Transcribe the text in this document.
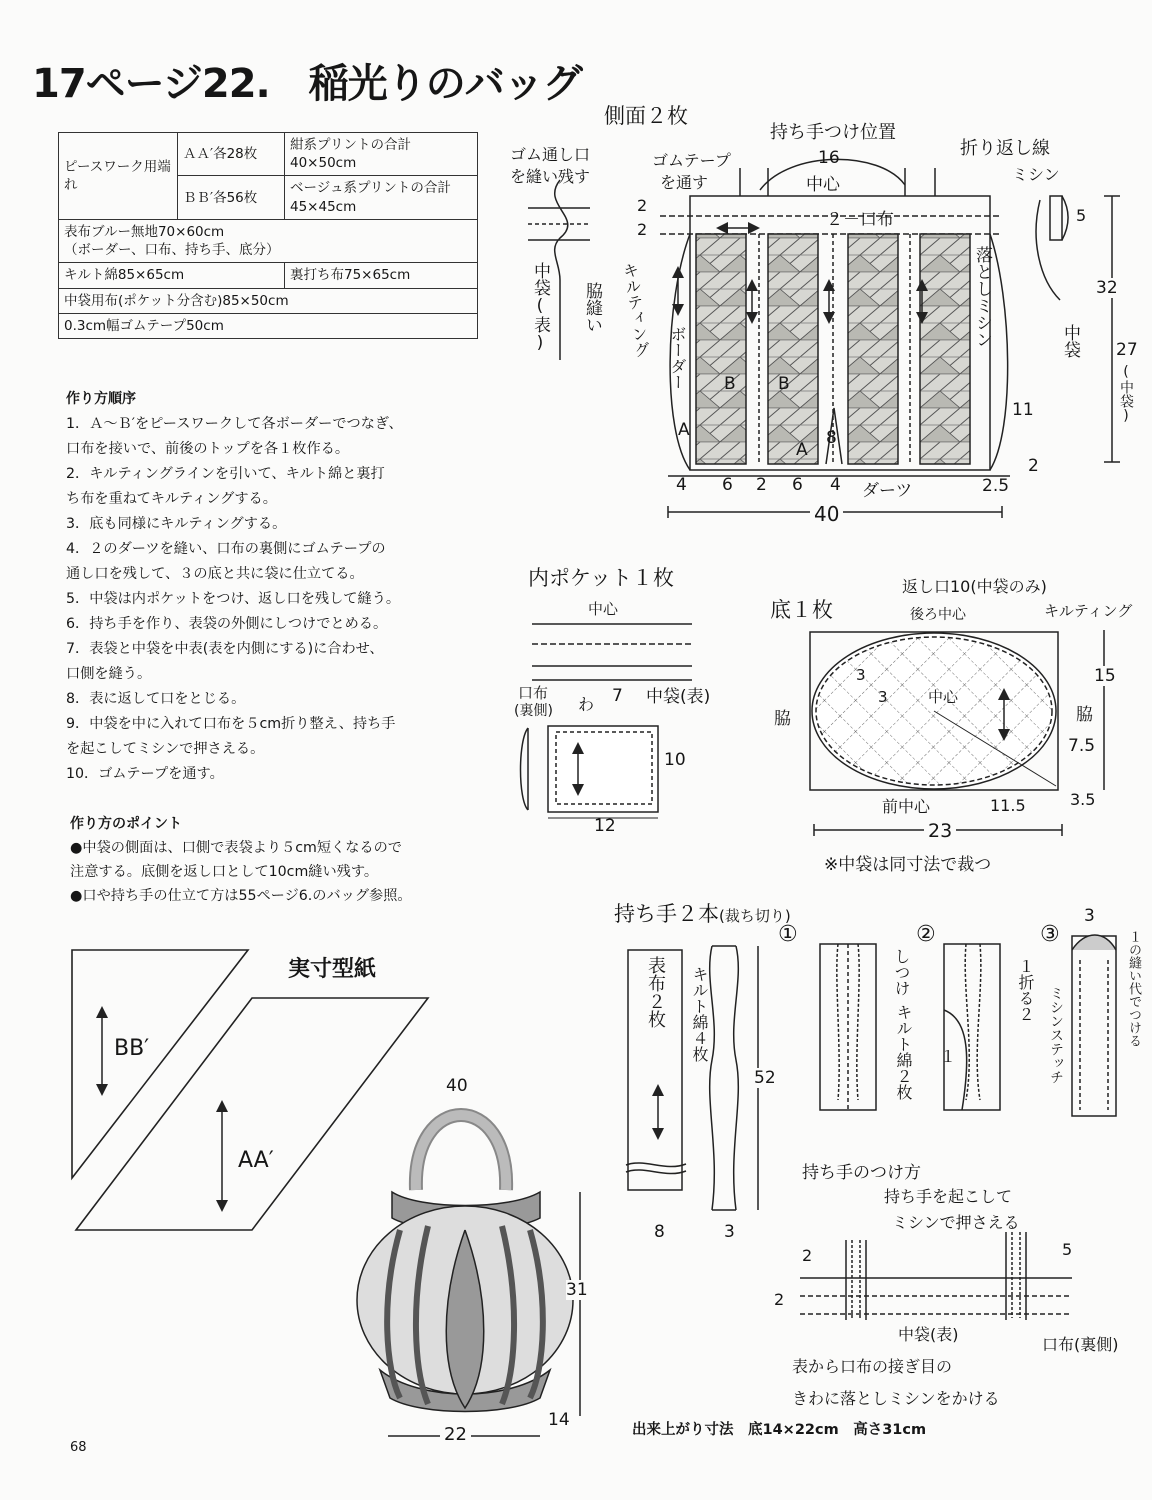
17ページ22.　稲光りのバッグ
ピースワーク用端れ	ＡＡ′各28枚	紺系プリントの合計40×50cm
	ＢＢ′各56枚	ベージュ系プリントの合計45×45cm

表布ブルー無地70×60cm
（ボーダー、口布、持ち手、底分）		

キルト綿85×65cm		裏打ち布75×65cm
中袋用布(ポケット分含む)85×50cm		
0.3cm幅ゴムテープ50cm		
作り方順序
1．Ａ～Ｂ′をピースワークして各ボーダーでつなぎ、
口布を接いで、前後のトップを各１枚作る。
2．キルティングラインを引いて、キルト綿と裏打
ち布を重ねてキルティングする。
3．底も同様にキルティングする。
4．２のダーツを縫い、口布の裏側にゴムテープの
通し口を残して、３の底と共に袋に仕立てる。
5．中袋は内ポケットをつけ、返し口を残して縫う。
6．持ち手を作り、表袋の外側にしつけでとめる。
7．表袋と中袋を中表(表を内側にする)に合わせ、
口側を縫う。
8．表に返して口をとじる。
9．中袋を中に入れて口布を５cm折り整え、持ち手
を起こしてミシンで押さえる。
10．ゴムテープを通す。
作り方のポイント
●中袋の側面は、口側で表袋より５cm短くなるので
注意する。底側を返し口として10cm縫い残す。
●口や持ち手の仕立て方は55ページ6.のバッグ参照。
側面２枚
持ち手つけ位置
折り返し線
ミシン
ゴム通し口
を縫い残す
ゴムテープ
を通す
16
中心
２－口布
2
2
中袋(表) 脇縫い キルティング ボーダー
落としミシン
B B
A
A
8
ダーツ
4 6 2 6 4	2.5
2
11
40
32
27
(中袋)
5
中袋
内ポケット１枚
中心
口布
(裏側) わ 7 中袋(表)
10
12
底１枚
返し口10(中袋のみ)
後ろ中心	キルティング
3
3	中心
脇	脇
15
7.5
前中心	11.5	3.5
23
※中袋は同寸法で裁つ
持ち手２本(裁ち切り)
表布２枚 キルト綿４枚
52
8	3
①	②	③
しつけ
キルト綿２枚 １
１折る２ ミシンステッチ
3
１の縫い代でつける
持ち手のつけ方
持ち手を起こして
ミシンで押さえる
2
2
5
中袋(表)
口布(裏側)
表から口布の接ぎ目の
きわに落としミシンをかける
実寸型紙
BB′
AA′
40
31
22
14	出来上がり寸法　底14×22cm　高さ31cm
68
